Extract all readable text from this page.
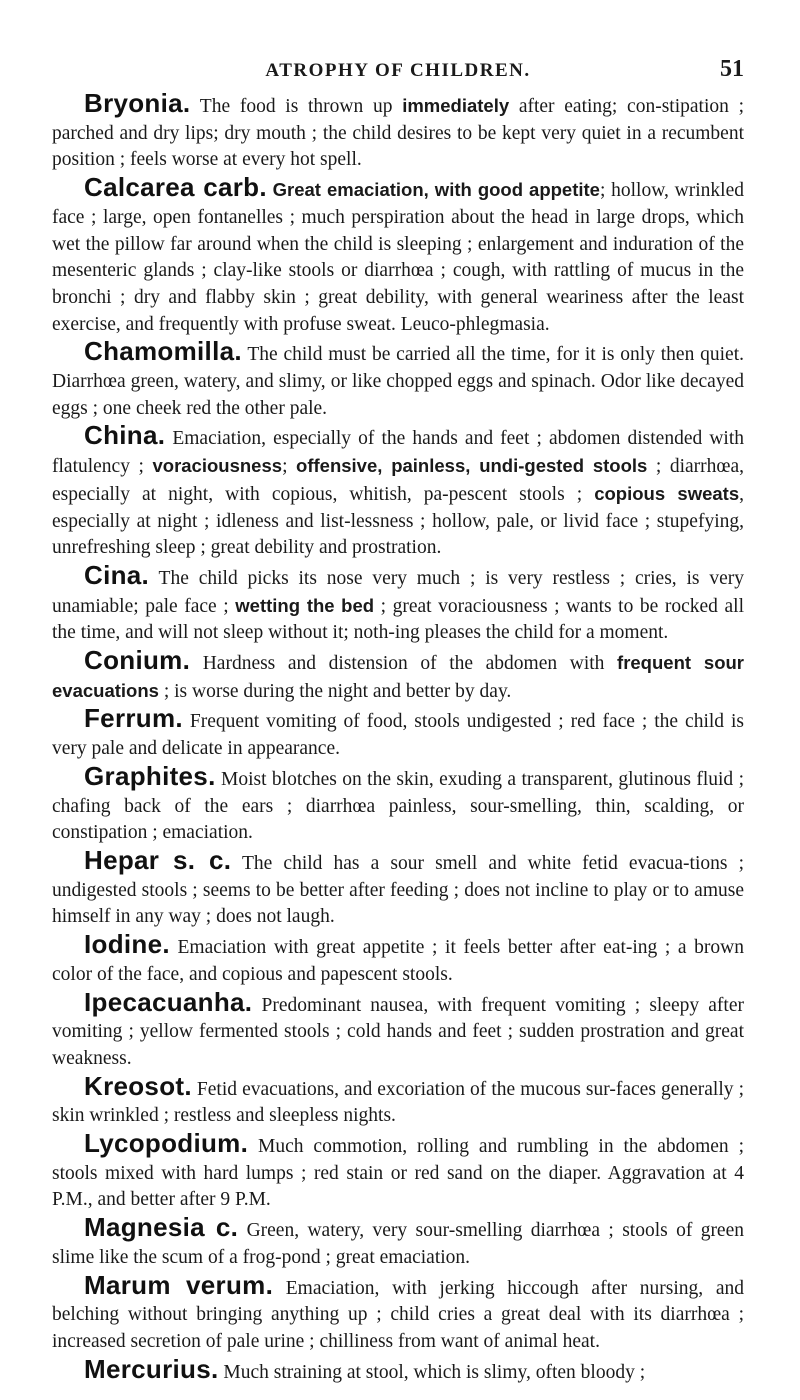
ATROPHY OF CHILDREN.	51

Bryonia. The food is thrown up immediately after eating; con-stipation ; parched and dry lips; dry mouth ; the child desires to be kept very quiet in a recumbent position ; feels worse at every hot spell.

Calcarea carb. Great emaciation, with good appetite; hollow, wrinkled face ; large, open fontanelles ; much perspiration about the head in large drops, which wet the pillow far around when the child is sleeping ; enlargement and induration of the mesenteric glands ; clay-like stools or diarrhœa ; cough, with rattling of mucus in the bronchi ; dry and flabby skin ; great debility, with general weariness after the least exercise, and frequently with profuse sweat. Leuco-phlegmasia.

Chamomilla. The child must be carried all the time, for it is only then quiet. Diarrhœa green, watery, and slimy, or like chopped eggs and spinach. Odor like decayed eggs ; one cheek red the other pale.

China. Emaciation, especially of the hands and feet ; abdomen distended with flatulency ; voraciousness; offensive, painless, undi-gested stools ; diarrhœa, especially at night, with copious, whitish, pa-pescent stools ; copious sweats, especially at night ; idleness and list-lessness ; hollow, pale, or livid face ; stupefying, unrefreshing sleep ; great debility and prostration.

Cina. The child picks its nose very much ; is very restless ; cries, is very unamiable; pale face ; wetting the bed ; great voraciousness ; wants to be rocked all the time, and will not sleep without it; noth-ing pleases the child for a moment.

Conium. Hardness and distension of the abdomen with frequent sour evacuations ; is worse during the night and better by day.

Ferrum. Frequent vomiting of food, stools undigested ; red face ; the child is very pale and delicate in appearance.

Graphites. Moist blotches on the skin, exuding a transparent, glutinous fluid ; chafing back of the ears ; diarrhœa painless, sour-smelling, thin, scalding, or constipation ; emaciation.

Hepar s. c. The child has a sour smell and white fetid evacua-tions ; undigested stools ; seems to be better after feeding ; does not incline to play or to amuse himself in any way ; does not laugh.

Iodine. Emaciation with great appetite ; it feels better after eat-ing ; a brown color of the face, and copious and papescent stools.

Ipecacuanha. Predominant nausea, with frequent vomiting ; sleepy after vomiting ; yellow fermented stools ; cold hands and feet ; sudden prostration and great weakness.

Kreosot. Fetid evacuations, and excoriation of the mucous sur-faces generally ; skin wrinkled ; restless and sleepless nights.

Lycopodium. Much commotion, rolling and rumbling in the abdomen ; stools mixed with hard lumps ; red stain or red sand on the diaper. Aggravation at 4 P.M., and better after 9 P.M.

Magnesia c. Green, watery, very sour-smelling diarrhœa ; stools of green slime like the scum of a frog-pond ; great emaciation.

Marum verum. Emaciation, with jerking hiccough after nursing, and belching without bringing anything up ; child cries a great deal with its diarrhœa ; increased secretion of pale urine ; chilliness from want of animal heat.

Mercurius. Much straining at stool, which is slimy, often bloody ;
